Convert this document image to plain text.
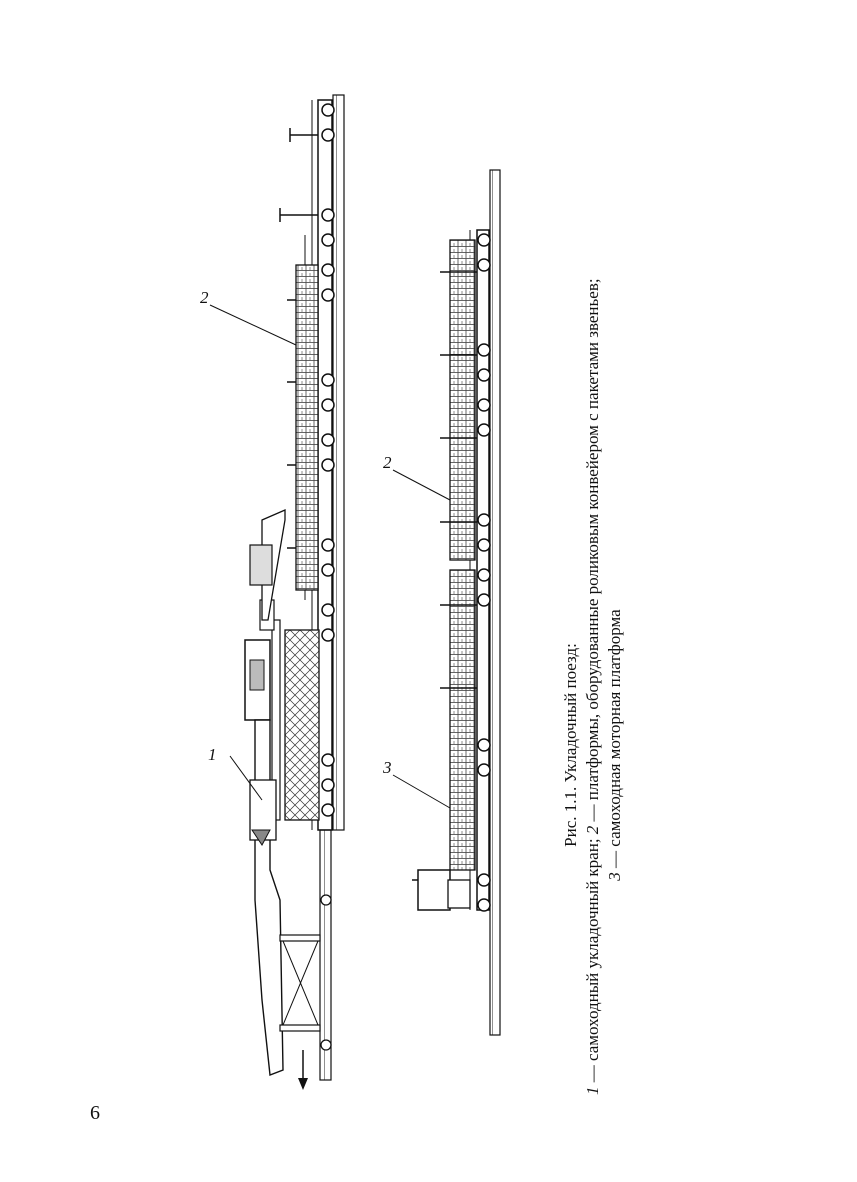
1
2
2
3	Рис. 1.1. Укладочный поезд:
1 — самоходный укладочный кран; 2 — платформы, оборудованные роликовым конвейером с пакетами звеньев;
3 — самоходная моторная платформа
6
